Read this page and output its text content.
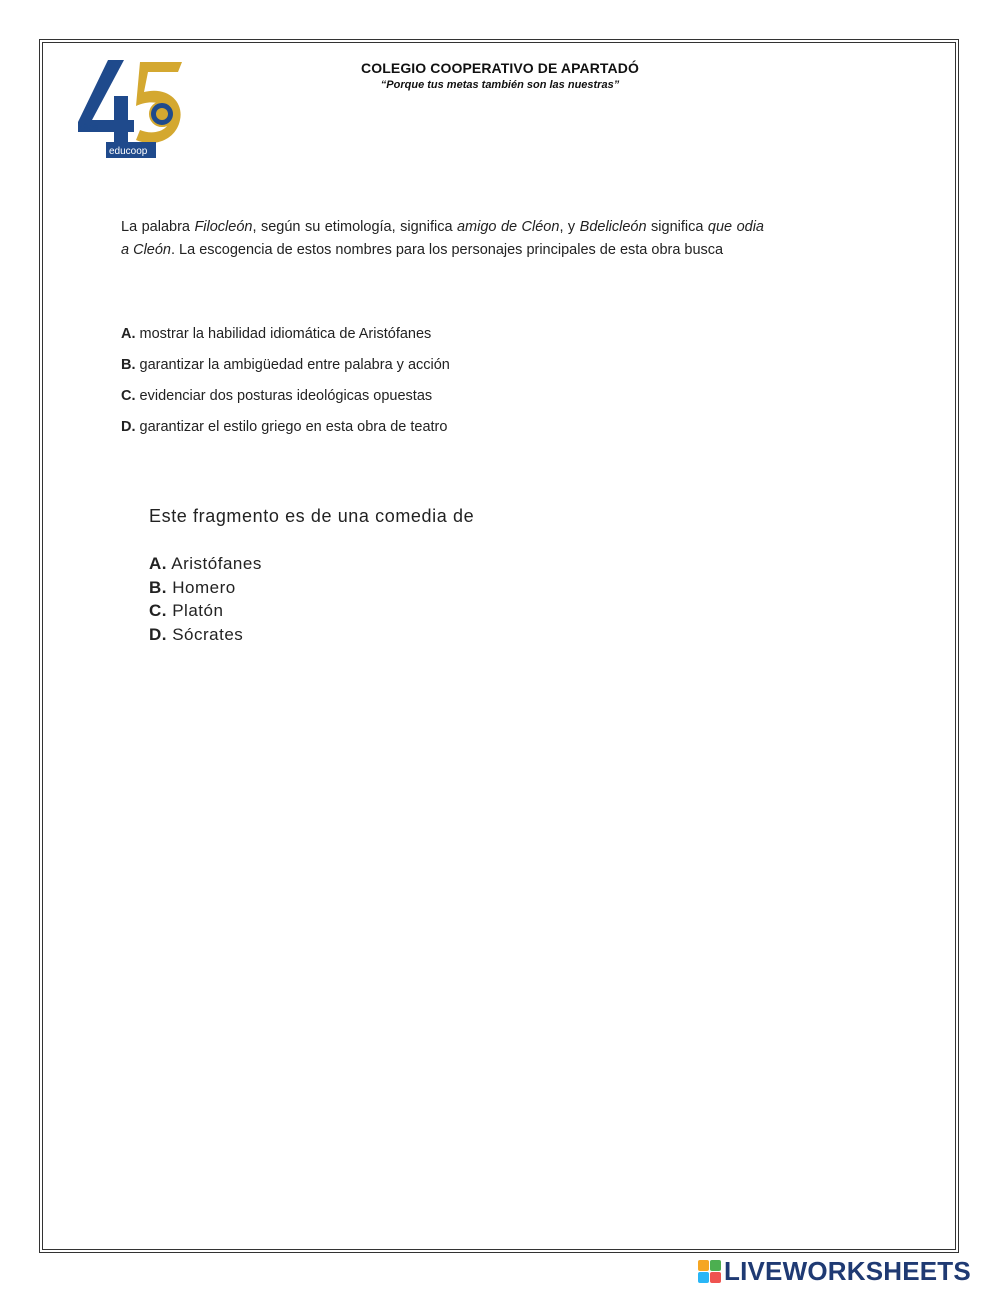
AÑOS
educoop
COLEGIO COOPERATIVO DE APARTADÓ
“Porque tus metas también son las nuestras”
La palabra Filocleón, según su etimología, significa amigo de Cléon, y Bdelicleón significa que odia a Cleón. La escogencia de estos nombres para los personajes principales de esta obra busca
A. mostrar la habilidad idiomática de Aristófanes
B. garantizar la ambigüedad entre palabra y acción
C. evidenciar dos posturas ideológicas opuestas
D. garantizar el estilo griego en esta obra de teatro
Este fragmento es de una comedia de
A. Aristófanes
B. Homero
C. Platón
D. Sócrates
LIVEWORKSHEETS
